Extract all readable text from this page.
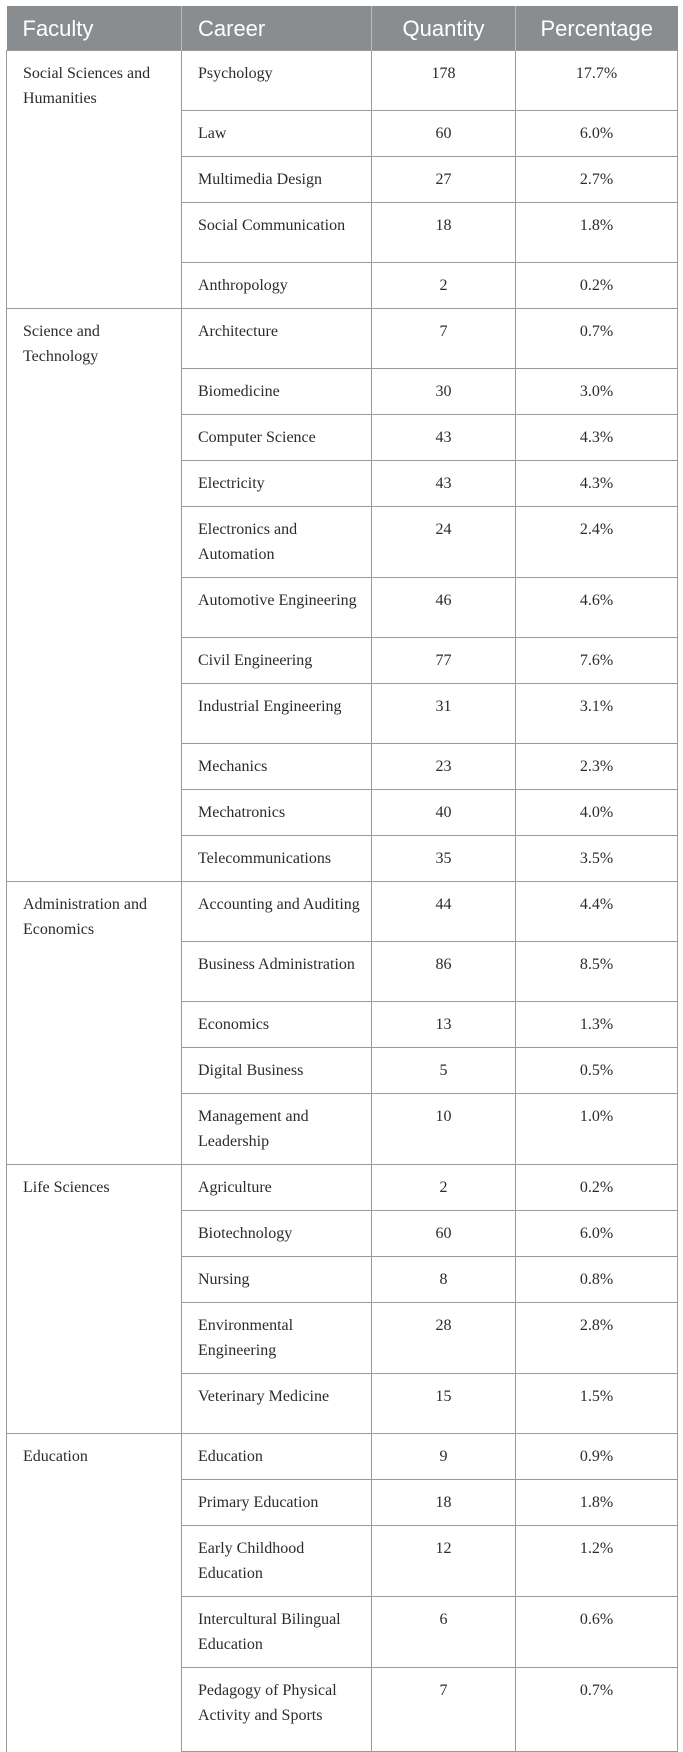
Faculty	Career	Quantity	Percentage
Social Sciences and Humanities	Psychology	178	17.7%
	Law	60	6.0%
	Multimedia Design	27	2.7%
	Social Communication	18	1.8%
	Anthropology	2	0.2%
Science and Technology	Architecture	7	0.7%
	Biomedicine	30	3.0%
	Computer Science	43	4.3%
	Electricity	43	4.3%
	Electronics and Automation	24	2.4%
	Automotive Engineering	46	4.6%
	Civil Engineering	77	7.6%
	Industrial Engineering	31	3.1%
	Mechanics	23	2.3%
	Mechatronics	40	4.0%
	Telecommunications	35	3.5%
Administration and Economics	Accounting and Auditing	44	4.4%
	Business Administration	86	8.5%
	Economics	13	1.3%
	Digital Business	5	0.5%
	Management and Leadership	10	1.0%
Life Sciences	Agriculture	2	0.2%
	Biotechnology	60	6.0%
	Nursing	8	0.8%
	Environmental Engineering	28	2.8%
	Veterinary Medicine	15	1.5%
Education	Education	9	0.9%
	Primary Education	18	1.8%
	Early Childhood Education	12	1.2%
	Intercultural Bilingual Education	6	0.6%
	Pedagogy of Physical Activity and Sports	7	0.7%
